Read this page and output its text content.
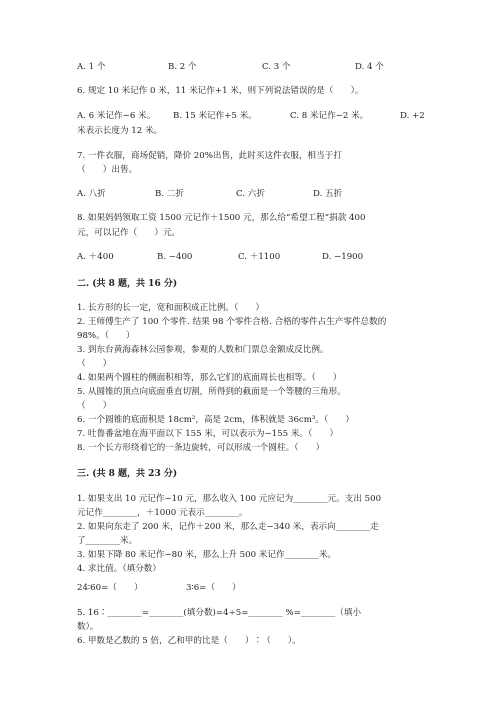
A. 1 个	B. 2 个	C. 3 个	D. 4 个
6. 规定 10 米记作 0 米，11 米记作+1 米，则下列说法错误的是（　　）。
A. 6 米记作−6 米。 B. 15 米记作+5 米。	C. 8 米记作−2 米。	D. +2
米表示长度为 12 米。
7. 一件衣服，商场促销，降价 20%出售，此时买这件衣服，相当于打
（　　）出售。
A. 八折	B. 二折	C. 六折	D. 五折
8. 如果妈妈领取工资 1500 元记作＋1500 元，那么给“希望工程”捐款 400
元，可以记作（　　）元。
A. ＋400	B. −400	C. ＋1100	D. −1900
二. (共 8 题，共 16 分)
1. 长方形的长一定，宽和面积成正比例。（　　）
2. 王师傅生产了 100 个零件. 结果 98 个零件合格. 合格的零件占生产零件总数的
98%。（　　）
3. 到东台黄海森林公园参观，参观的人数和门票总金额成反比例。
（　　）
4. 如果两个圆柱的侧面积相等，那么它们的底面周长也相等。（　　）
5. 从圆锥的顶点向底面垂直切割，所得到的截面是一个等腰的三角形。
（　　）
6. 一个圆锥的底面积是 18cm²，高是 2cm，体积就是 36cm³。（　　）
7. 吐鲁番盆地在海平面以下 155 米，可以表示为−155 米。（　　）
8. 一个长方形绕着它的一条边旋转，可以形成一个圆柱。（　　）
三. (共 8 题，共 23 分)
1. 如果支出 10 元记作−10 元，那么收入 100 元应记为________元。支出 500
元记作________，＋1000 元表示________。
2. 如果向东走了 200 米，记作＋200 米，那么走−340 米，表示向________走
了________米。
3. 如果下降 80 米记作−80 米，那么上升 500 米记作________米。
4. 求比值。（填分数）
24∶60=（　　）	3∶6=（　　）
5. 16∶________=________(填分数)=4÷5=________ %=________（填小
数）。
6. 甲数是乙数的 5 倍，乙和甲的比是（　　）∶（　　）。
